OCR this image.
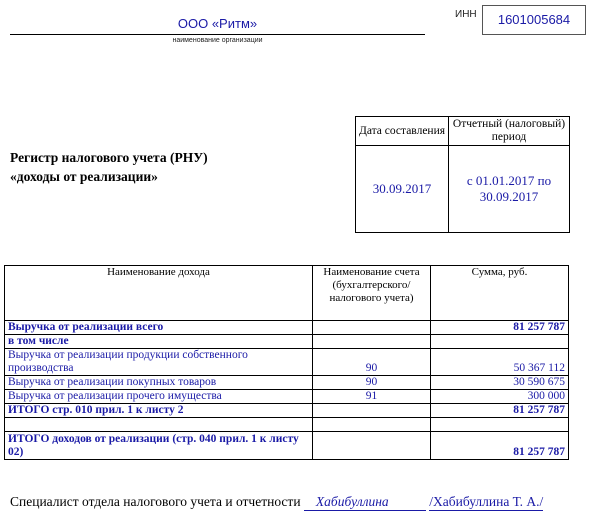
ООО «Ритм»
наименование организации
ИНН	1601005684
Регистр налогового учета (РНУ)
«доходы от реализации»
Дата составления	Отчетный (налоговый) период
30.09.2017	с 01.01.2017 по 30.09.2017
Наименование дохода	Наименование счета (бухгалтерского/ налогового учета)	Сумма, руб.
Выручка от реализации всего		81 257 787
в том числе		
Выручка от реализации продукции собственного производства	90	50 367 112
Выручка от реализации покупных товаров	90	30 590 675
Выручка от реализации прочего имущества	91	300 000
ИТОГО стр. 010 прил. 1 к листу 2		81 257 787

ИТОГО доходов от реализации (стр. 040 прил. 1 к листу 02)		81 257 787
Специалист отдела налогового учета и отчетности Хабибуллина	/Хабибуллина Т. А./
